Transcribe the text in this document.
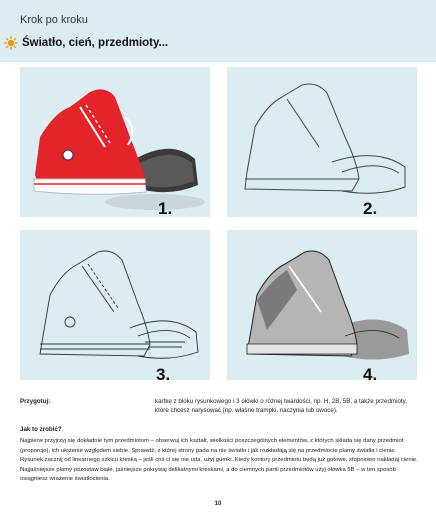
Krok po kroku
Światło, cień, przedmioty...
1.	2.
3.	4.
Przygotuj:	kartkę z bloku rysunkowego i 3 ołówki o różnej twardości, np. H, 2B, 5B, a także przedmioty, które chcesz narysować (np. własne trampki, naczynia lub owoce).
Jak to zrobić?
Najpierw przyjrzyj się dokładnie tym przedmiotom – obserwuj ich kształt, wielkości poszczególnych elementów, z których składa się dany przedmiot (proporcje), ich ułożenie względem siebie. Sprawdź, z której strony pada na nie światło i jak rozkładają się na przedmiocie plamy światła i cienie. Rysunek zacznij od linearnego szkicu kreską – jeśli coś ci się nie uda, użyj gumki. Kiedy kontury przedmiotu będą już gotowe, stopniowo nakładaj cienie. Najjaśniejsze plamy pozostaw białe, jaśniejsze pokrywaj delikatnymi kreskami, a do ciemnych partii przedmiotów użyj ołówka 5B – w ten sposób osiągniesz wrażenie światłocienia.
10
